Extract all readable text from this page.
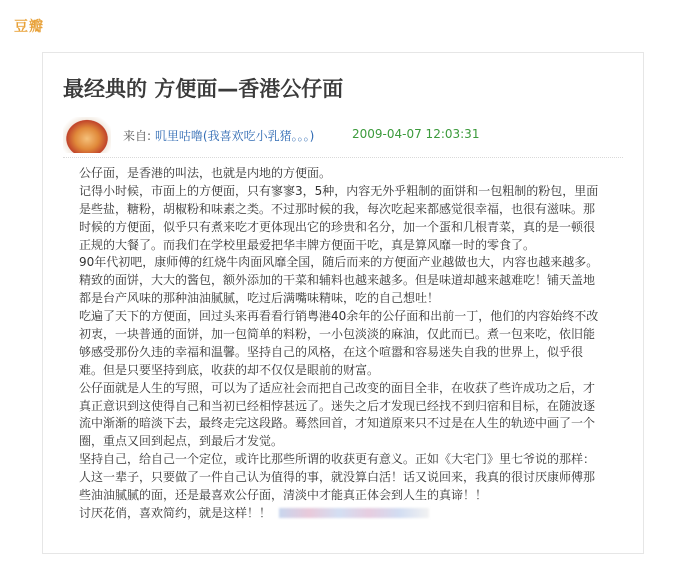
豆瓣
最经典的 方便面—香港公仔面
来自: 叽里咕噜(我喜欢吃小乳猪。。。)	2009-04-07 12:03:31
公仔面，是香港的叫法，也就是内地的方便面。
记得小时候，市面上的方便面，只有寥寥3，5种，内容无外乎粗制的面饼和一包粗制的粉包，里面
是些盐，糖粉，胡椒粉和味素之类。不过那时候的我，每次吃起来都感觉很幸福，也很有滋味。那
时候的方便面，似乎只有煮来吃才更体现出它的珍贵和名分，加一个蛋和几根青菜，真的是一顿很
正规的大餐了。而我们在学校里最爱把华丰牌方便面干吃，真是算风靡一时的零食了。
90年代初吧，康师傅的红烧牛肉面风靡全国，随后而来的方便面产业越做也大，内容也越来越多。
精致的面饼，大大的酱包，额外添加的干菜和辅料也越来越多。但是味道却越来越难吃！铺天盖地
都是台产风味的那种油油腻腻，吃过后满嘴味精味，吃的自己想吐！
吃遍了天下的方便面，回过头来再看看行销粤港40余年的公仔面和出前一丁，他们的内容始终不改
初衷，一块普通的面饼，加一包简单的料粉，一小包淡淡的麻油，仅此而已。煮一包来吃，依旧能
够感受那份久违的幸福和温馨。坚持自己的风格，在这个喧嚣和容易迷失自我的世界上，似乎很
难。但是只要坚持到底，收获的却不仅仅是眼前的财富。
公仔面就是人生的写照，可以为了适应社会而把自己改变的面目全非，在收获了些许成功之后，才
真正意识到这使得自己和当初已经相悖甚远了。迷失之后才发现已经找不到归宿和目标，在随波逐
流中渐渐的暗淡下去，最终走完这段路。蓦然回首，才知道原来只不过是在人生的轨迹中画了一个
圈，重点又回到起点，到最后才发觉。
坚持自己，给自己一个定位，或许比那些所谓的收获更有意义。正如《大宅门》里七爷说的那样：
人这一辈子，只要做了一件自己认为值得的事，就没算白活！话又说回来，我真的很讨厌康师傅那
些油油腻腻的面，还是最喜欢公仔面，清淡中才能真正体会到人生的真谛！！
讨厌花俏，喜欢简约，就是这样！！
